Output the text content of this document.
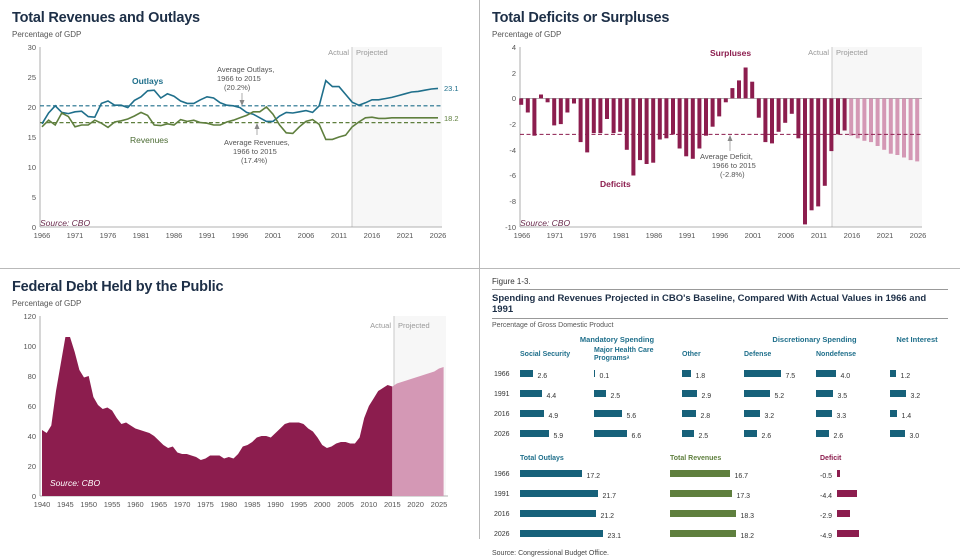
Total Revenues and Outlays
Percentage of GDP
Actual Projected
30
25
20
15
10
5
0
1966 1971 1976 1981 1986 1991 1996 2001 2006 2011 2016 2021 2026
Outlays
Revenues
Average Outlays,
1966 to 2015
(20.2%)
Average Revenues,
1966 to 2015
(17.4%)
23.1
18.2
Source: CBO
Total Deficits or Surpluses
Percentage of GDP
Actual Projected
4
2
0
-2
-4
-6
-8
-10
1966 1971 1976 1981 1986 1991 1996 2001 2006 2011 2016 2021 2026
Surpluses
Deficits
Average Deficit,
1966 to 2015
(-2.8%)
Source: CBO
Federal Debt Held by the Public
Percentage of GDP
Actual Projected
120
100
80
60
40
20
0
1940 1945 1950 1955 1960 1965 1970 1975 1980 1985 1990 1995 2000 2005 2010 2015 2020 2025
Source: CBO
Figure 1-3.
Spending and Revenues Projected in CBO's Baseline, Compared With Actual Values in 1966 and 1991
Percentage of Gross Domestic Product
Mandatory Spending	Discretionary Spending	Net Interest
	Social Security	Major Health Care Programsᵃ	Other	Defense	Nondefense	
1966	2.6	0.1	1.8	7.5	4.0	1.2
1991	4.4	2.5	2.9	5.2	3.5	3.2
2016	4.9	5.6	2.8	3.2	3.3	1.4
2026	5.9	6.6	2.5	2.6	2.6	3.0
	Total Outlays	Total Revenues	Deficit
1966	17.2	16.7	-0.5
1991	21.7	17.3	-4.4
2016	21.2	18.3	-2.9
2026	23.1	18.2	-4.9
Source: Congressional Budget Office.
